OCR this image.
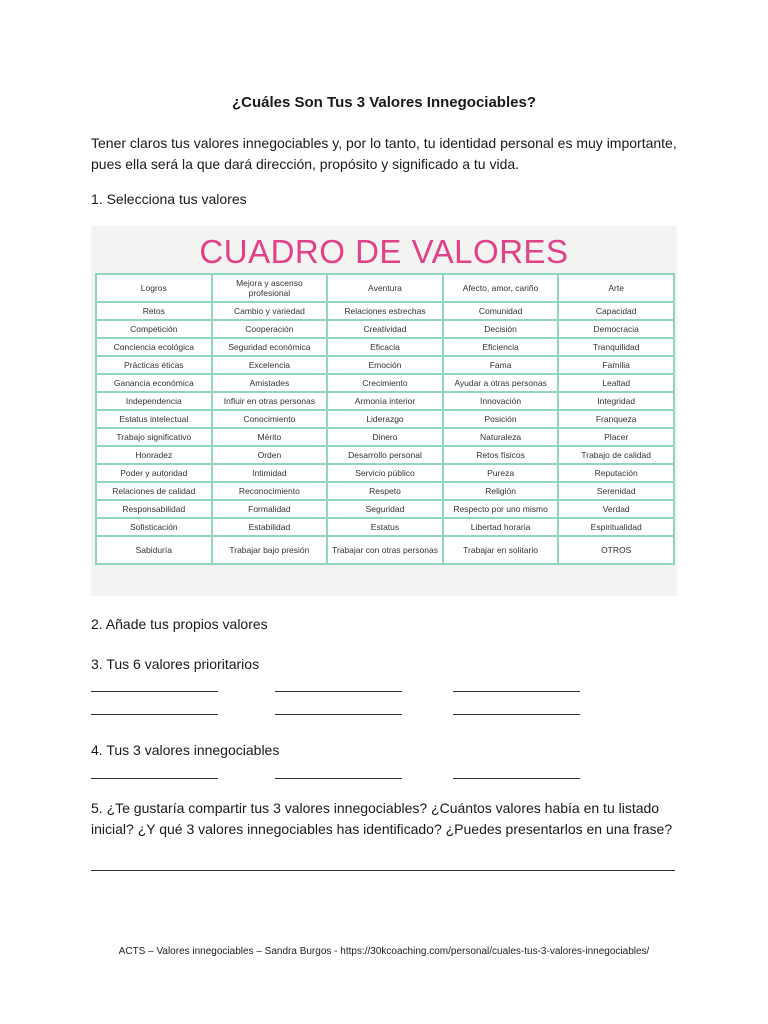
¿Cuáles Son Tus 3 Valores Innegociables?
Tener claros tus valores innegociables y, por lo tanto, tu identidad personal es muy importante,
pues ella será la que dará dirección, propósito y significado a tu vida.

1. Selecciona tus valores

CUADRO DE VALORES
Logros	Mejora y ascenso profesional	Aventura	Afecto, amor, cariño	Arte
Retos	Cambio y variedad	Relaciones estrechas	Comunidad	Capacidad
Competición	Cooperación	Creatividad	Decisión	Democracia
Conciencia ecológica	Seguridad económica	Eficacia	Eficiencia	Tranquilidad
Prácticas éticas	Excelencia	Emoción	Fama	Familia
Ganancia económica	Amistades	Crecimiento	Ayudar a otras personas	Lealtad
Independencia	Influir en otras personas	Armonía interior	Innovación	Integridad
Estatus intelectual	Conocimiento	Liderazgo	Posición	Franqueza
Trabajo significativo	Mérito	Dinero	Naturaleza	Placer
Honradez	Orden	Desarrollo personal	Retos físicos	Trabajo de calidad
Poder y autoridad	Intimidad	Servicio público	Pureza	Reputación
Relaciones de calidad	Reconocimiento	Respeto	Religión	Serenidad
Responsabilidad	Formalidad	Seguridad	Respecto por uno mismo	Verdad
Sofisticación	Estabilidad	Estatus	Libertad horaria	Espiritualidad
Sabiduría	Trabajar bajo presión	Trabajar con otras personas	Trabajar en solitario	OTROS

2. Añade tus propios valores

3. Tus 6 valores prioritarios

4. Tus 3 valores innegociables

5. ¿Te gustaría compartir tus 3 valores innegociables? ¿Cuántos valores había en tu listado
inicial? ¿Y qué 3 valores innegociables has identificado? ¿Puedes presentarlos en una frase?

ACTS – Valores innegociables – Sandra Burgos - https://30kcoaching.com/personal/cuales-tus-3-valores-innegociables/
